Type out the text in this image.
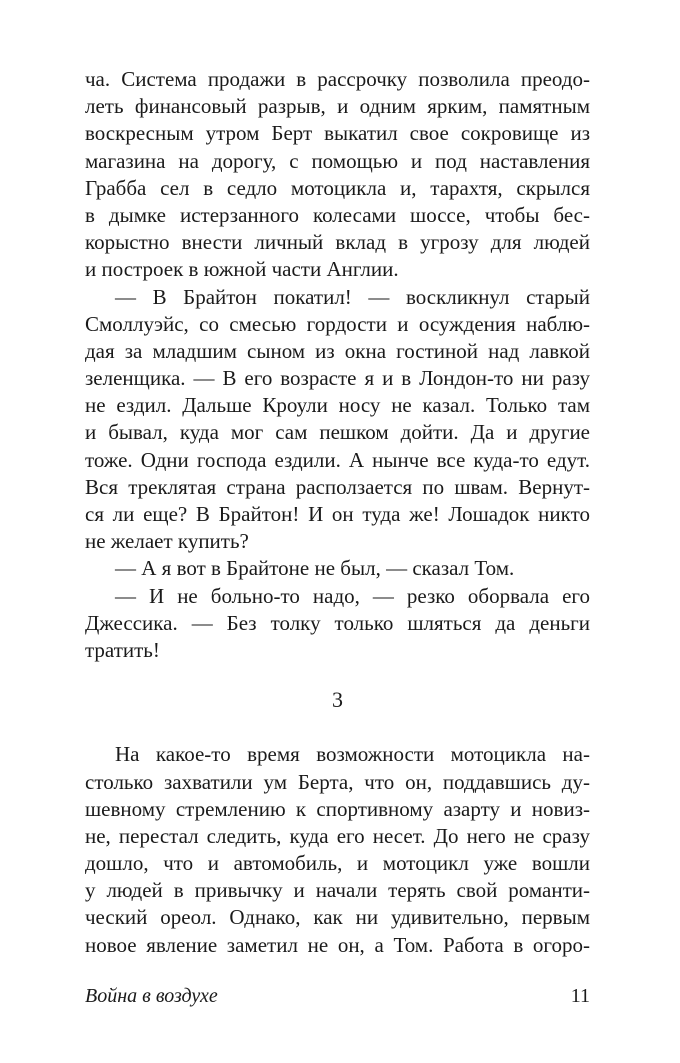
ча. Система продажи в рассрочку позволила преодо-
леть финансовый разрыв, и одним ярким, памятным
воскресным утром Берт выкатил свое сокровище из
магазина на дорогу, с помощью и под наставления
Грабба сел в седло мотоцикла и, тарахтя, скрылся
в дымке истерзанного колесами шоссе, чтобы бес-
корыстно внести личный вклад в угрозу для людей
и построек в южной части Англии.
— В Брайтон покатил! — воскликнул старый
Смоллуэйс, со смесью гордости и осуждения наблю-
дая за младшим сыном из окна гостиной над лавкой
зеленщика. — В его возрасте я и в Лондон-то ни разу
не ездил. Дальше Кроули носу не казал. Только там
и бывал, куда мог сам пешком дойти. Да и другие
тоже. Одни господа ездили. А нынче все куда-то едут.
Вся треклятая страна расползается по швам. Вернут-
ся ли еще? В Брайтон! И он туда же! Лошадок никто
не желает купить?
— А я вот в Брайтоне не был, — сказал Том.
— И не больно-то надо, — резко оборвала его
Джессика. — Без толку только шляться да деньги
тратить!
3
На какое-то время возможности мотоцикла на-
столько захватили ум Берта, что он, поддавшись ду-
шевному стремлению к спортивному азарту и новиз-
не, перестал следить, куда его несет. До него не сразу
дошло, что и автомобиль, и мотоцикл уже вошли
у людей в привычку и начали терять свой романти-
ческий ореол. Однако, как ни удивительно, первым
новое явление заметил не он, а Том. Работа в огоро-
Война в воздухе	11
